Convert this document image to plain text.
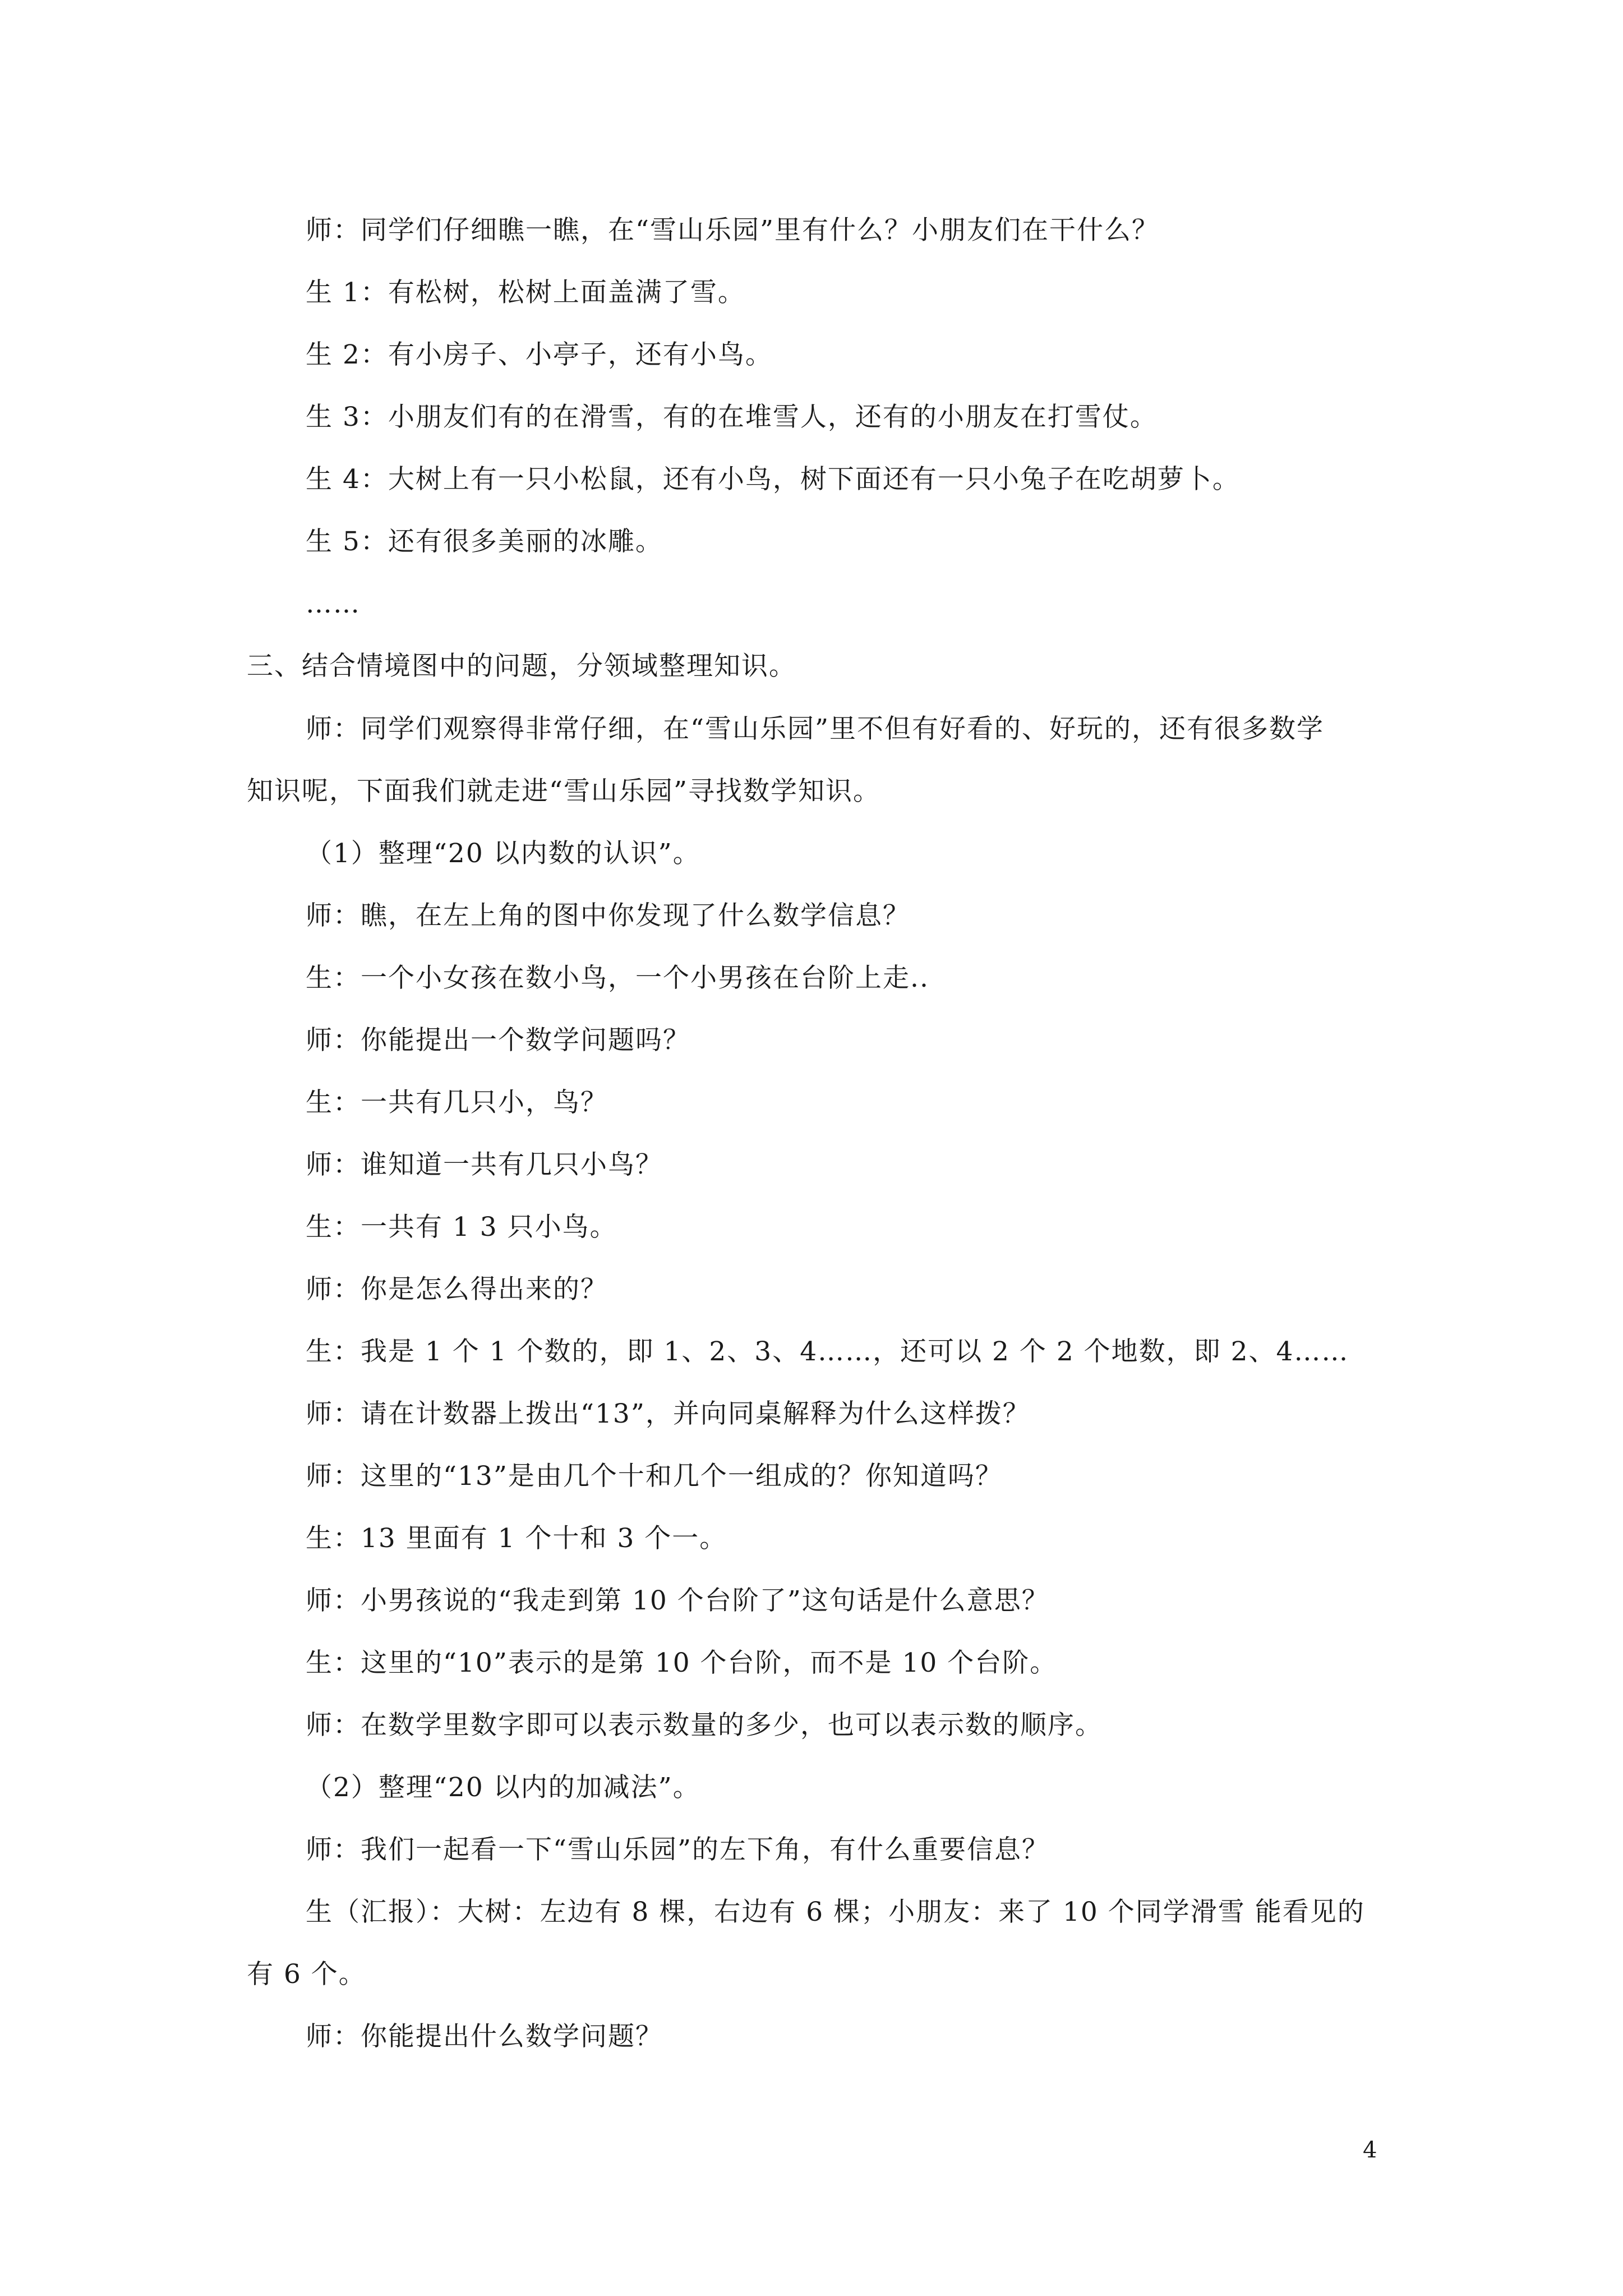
师：同学们仔细瞧一瞧，在“雪山乐园”里有什么？小朋友们在干什么？
生 1：有松树，松树上面盖满了雪。
生 2：有小房子、小亭子，还有小鸟。
生 3：小朋友们有的在滑雪，有的在堆雪人，还有的小朋友在打雪仗。
生 4：大树上有一只小松鼠，还有小鸟，树下面还有一只小兔子在吃胡萝卜。
生 5：还有很多美丽的冰雕。
……
三、结合情境图中的问题，分领域整理知识。
师：同学们观察得非常仔细，在“雪山乐园”里不但有好看的、好玩的，还有很多数学
知识呢，下面我们就走进“雪山乐园”寻找数学知识。
（1）整理“20 以内数的认识”。
师：瞧，在左上角的图中你发现了什么数学信息？
生：一个小女孩在数小鸟，一个小男孩在台阶上走..
师：你能提出一个数学问题吗？
生：一共有几只小，鸟？
师：谁知道一共有几只小鸟？
生：一共有 1 3 只小鸟。
师：你是怎么得出来的？
生：我是 1 个 1 个数的，即 1、2、3、4……，还可以 2 个 2 个地数，即 2、4……
师：请在计数器上拨出“13”，并向同桌解释为什么这样拨？
师：这里的“13”是由几个十和几个一组成的？你知道吗？
生：13 里面有 1 个十和 3 个一。
师：小男孩说的“我走到第 10 个台阶了”这句话是什么意思？
生：这里的“10”表示的是第 10 个台阶，而不是 10 个台阶。
师：在数学里数字即可以表示数量的多少，也可以表示数的顺序。
（2）整理“20 以内的加减法”。
师：我们一起看一下“雪山乐园”的左下角，有什么重要信息？
生（汇报）：大树：左边有 8 棵，右边有 6 棵；小朋友：来了 10 个同学滑雪 能看见的
有 6 个。
师：你能提出什么数学问题？
4
